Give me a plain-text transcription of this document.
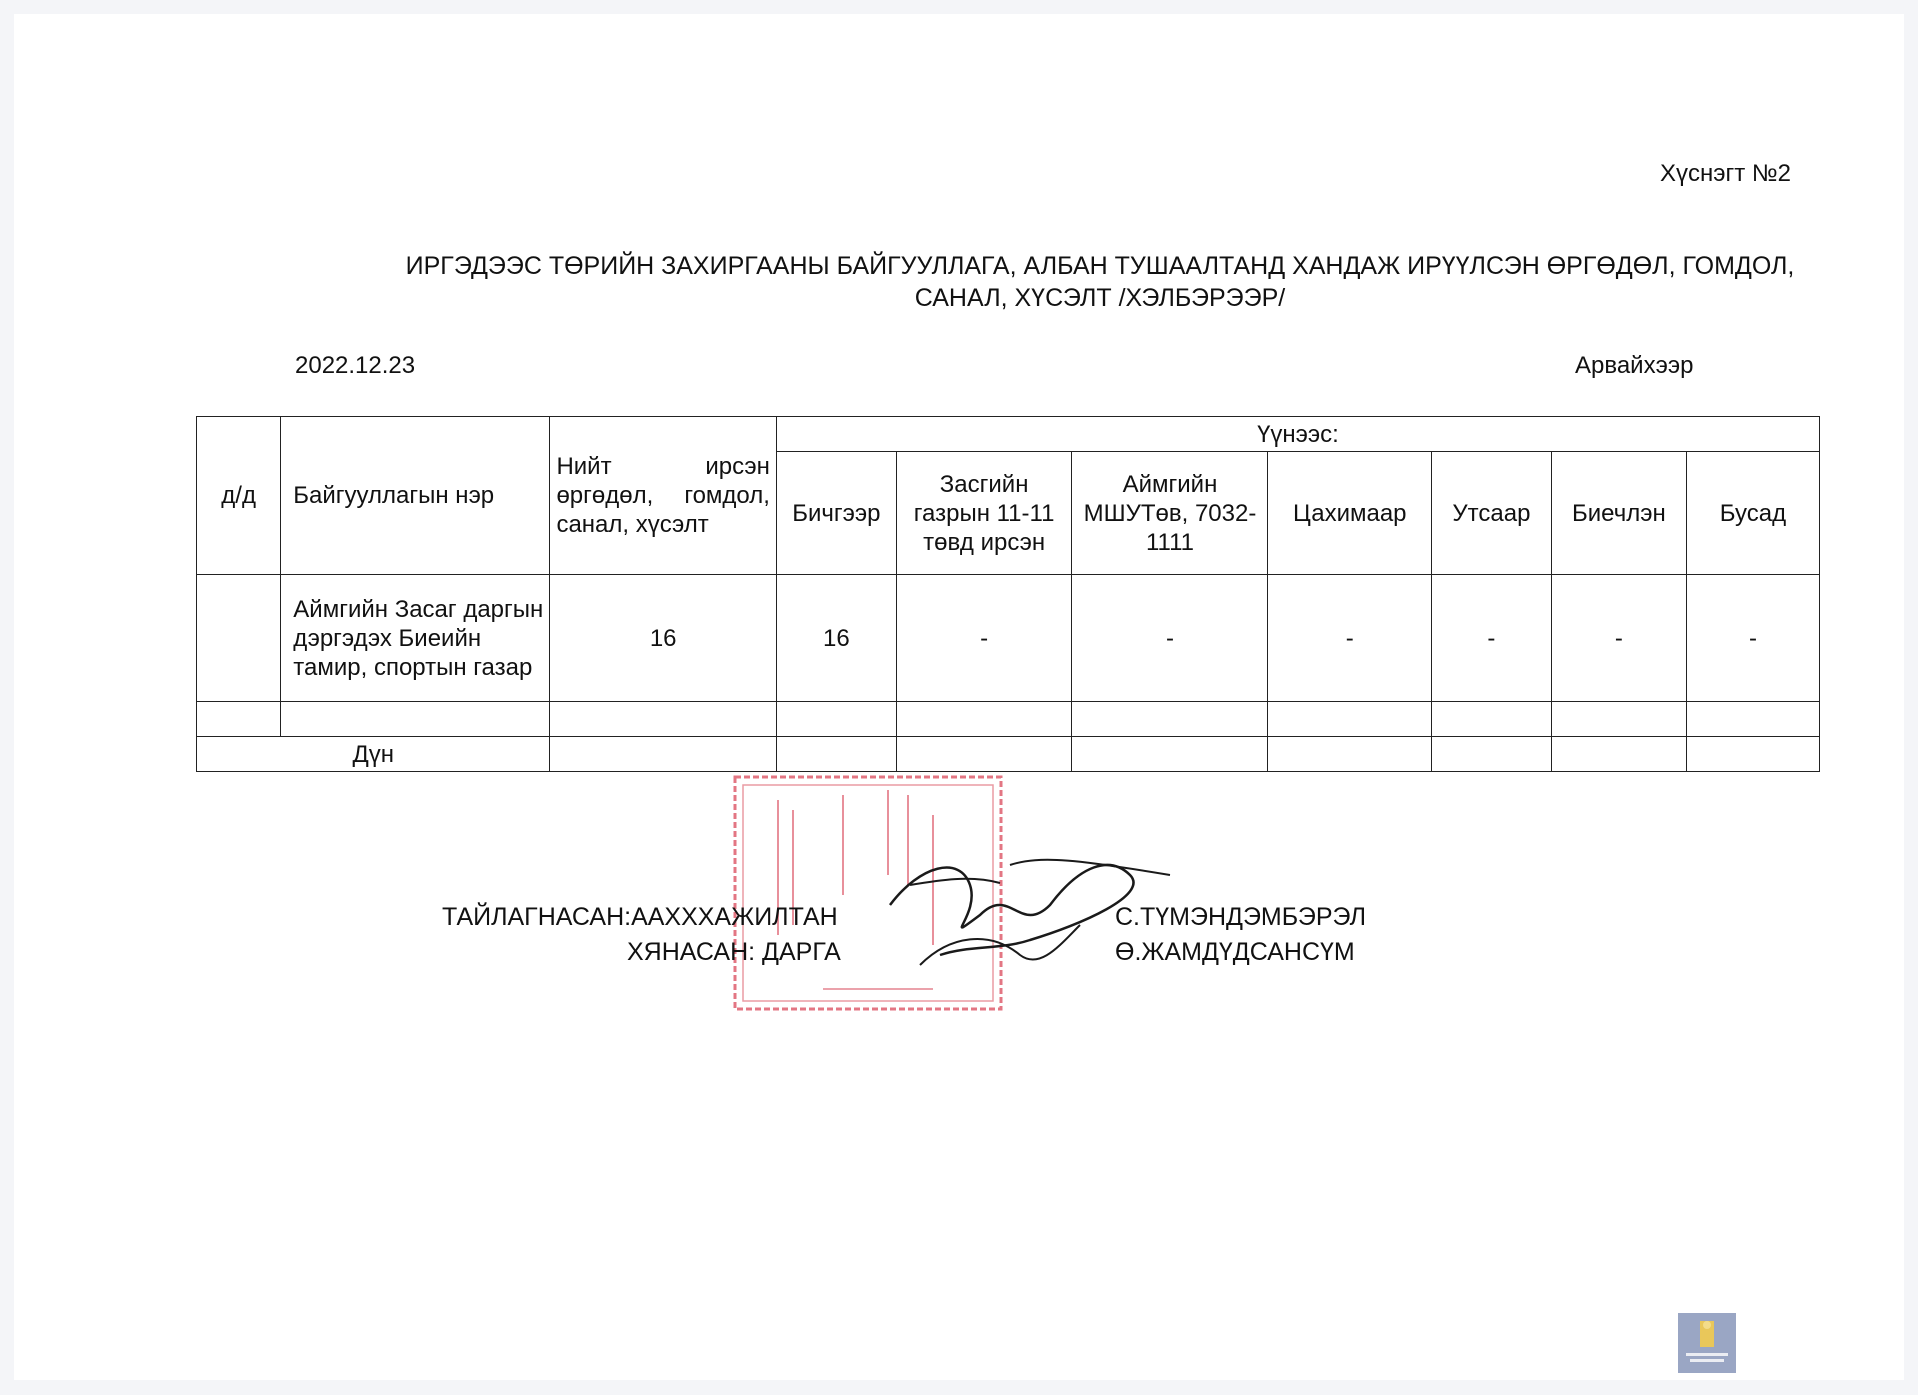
Хүснэгт №2
ИРГЭДЭЭС ТӨРИЙН ЗАХИРГААНЫ БАЙГУУЛЛАГА, АЛБАН ТУШААЛТАНД ХАНДАЖ ИРҮҮЛСЭН ӨРГӨДӨЛ, ГОМДОЛ, САНАЛ, ХҮСЭЛТ /ХЭЛБЭРЭЭР/
2022.12.23	Арвайхээр
д/д	Байгууллагын нэр	Нийт ирсэн өргөдөл, гомдол, санал, хүсэлт	Үүнээс:						
			Бичгээр	Засгийн газрын 11-11 төвд ирсэн	Аймгийн МШУТөв, 7032-1111	Цахимаар	Утсаар	Биечлэн	Бусад
	Аймгийн Засаг даргын дэргэдэх Биеийн тамир, спортын газар	16	16	-	-	-	-	-	-

Дүн									
ТАЙЛАГНАСАН:ААХХХАЖИЛТАН	С.ТҮМЭНДЭМБЭРЭЛ
ХЯНАСАН: ДАРГА	Ө.ЖАМДҮДСАНСҮМ
